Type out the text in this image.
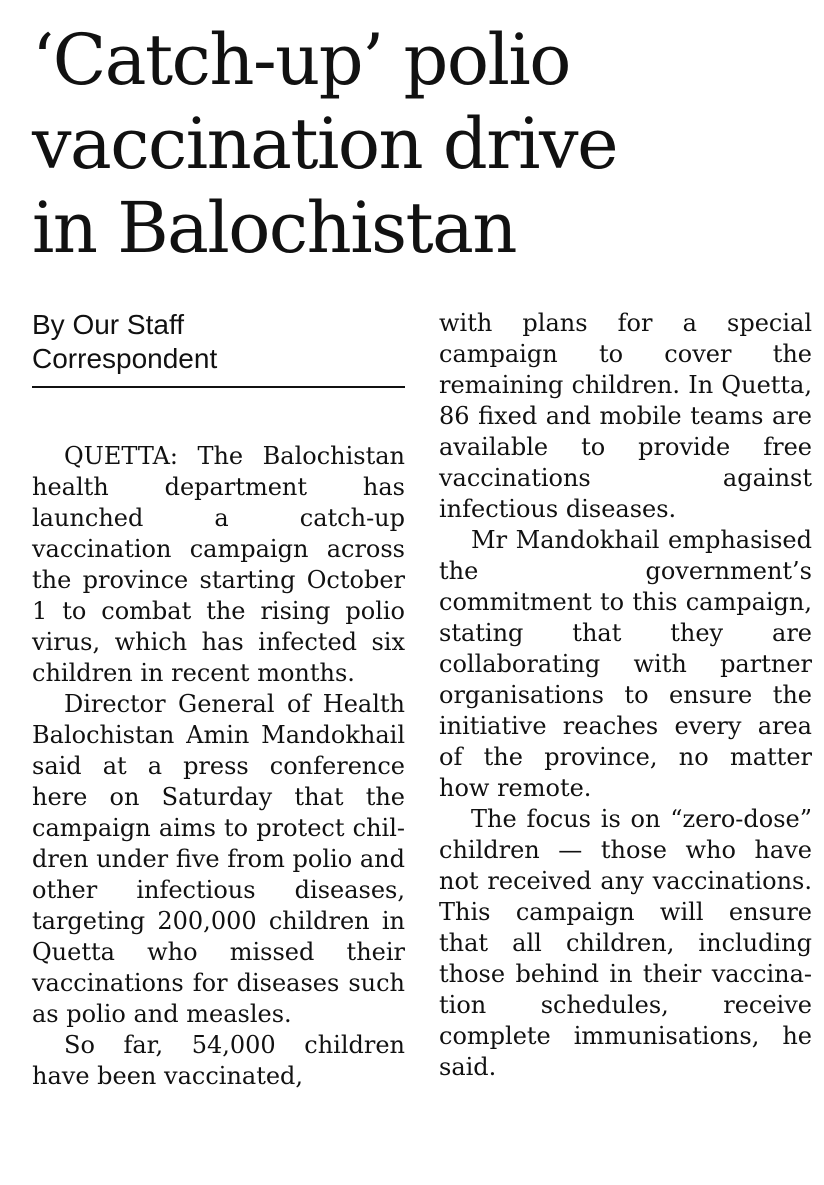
‘Catch-up’ polio
vaccination drive
in Balochistan
By Our Staff
Correspondent

QUETTA: The Balochistan health department has launched a catch-up vaccination campaign across the province starting October 1 to combat the rising polio virus, which has infected six children in recent months.

Director General of Health Balochistan Amin Mandokhail said at a press conference here on Saturday that the campaign aims to protect children under five from polio and other infectious diseases, targeting 200,000 children in Quetta who missed their vaccinations for diseases such as polio and measles.

So far, 54,000 children have been vaccinated,

with plans for a special campaign to cover the remaining children. In Quetta, 86 fixed and mobile teams are available to provide free vaccinations against infectious diseases.

Mr Mandokhail emphasised the government’s commitment to this campaign, stating that they are collaborating with partner organisations to ensure the initiative reaches every area of the province, no matter how remote.

The focus is on “zero-dose” children — those who have not received any vaccinations. This campaign will ensure that all children, including those behind in their vaccination schedules, receive complete immunisations, he said.
